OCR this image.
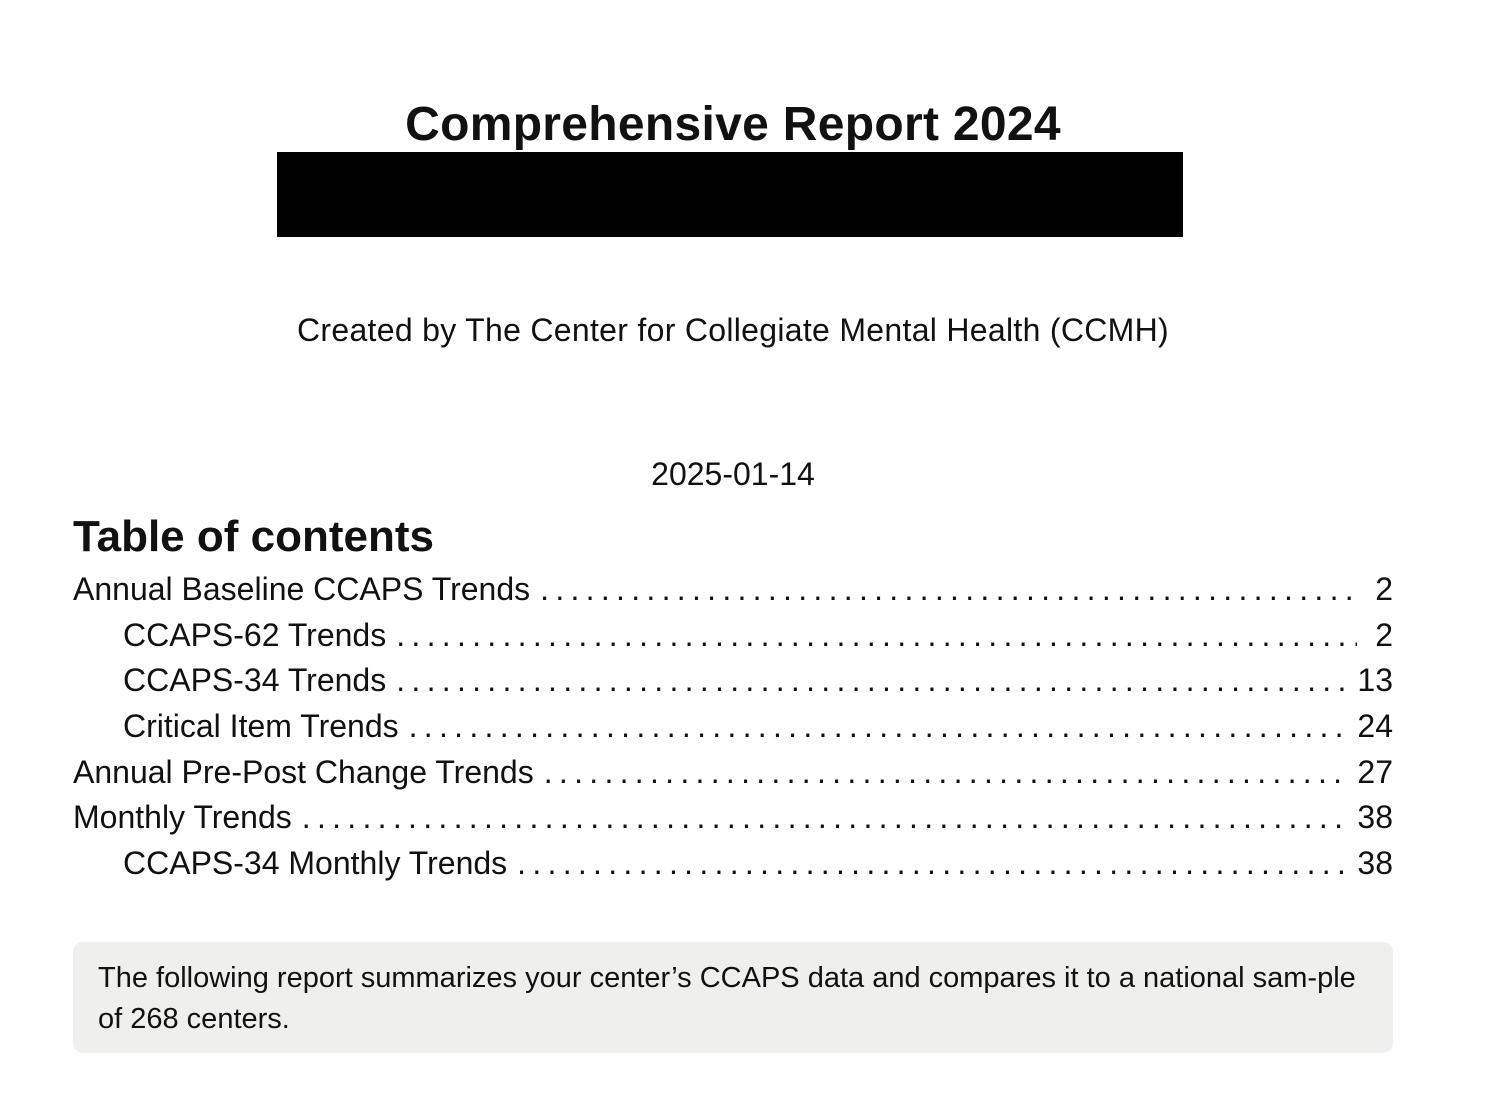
Comprehensive Report 2024
Created by The Center for Collegiate Mental Health (CCMH)
2025-01-14
Table of contents
Annual Baseline CCAPS Trends . . .	2
CCAPS-62 Trends . . .	2
CCAPS-34 Trends . . .	13
Critical Item Trends . . .	24
Annual Pre-Post Change Trends . . .	27
Monthly Trends . . .	38
CCAPS-34 Monthly Trends . . .	38
The following report summarizes your center’s CCAPS data and compares it to a national sam-ple of 268 centers.
